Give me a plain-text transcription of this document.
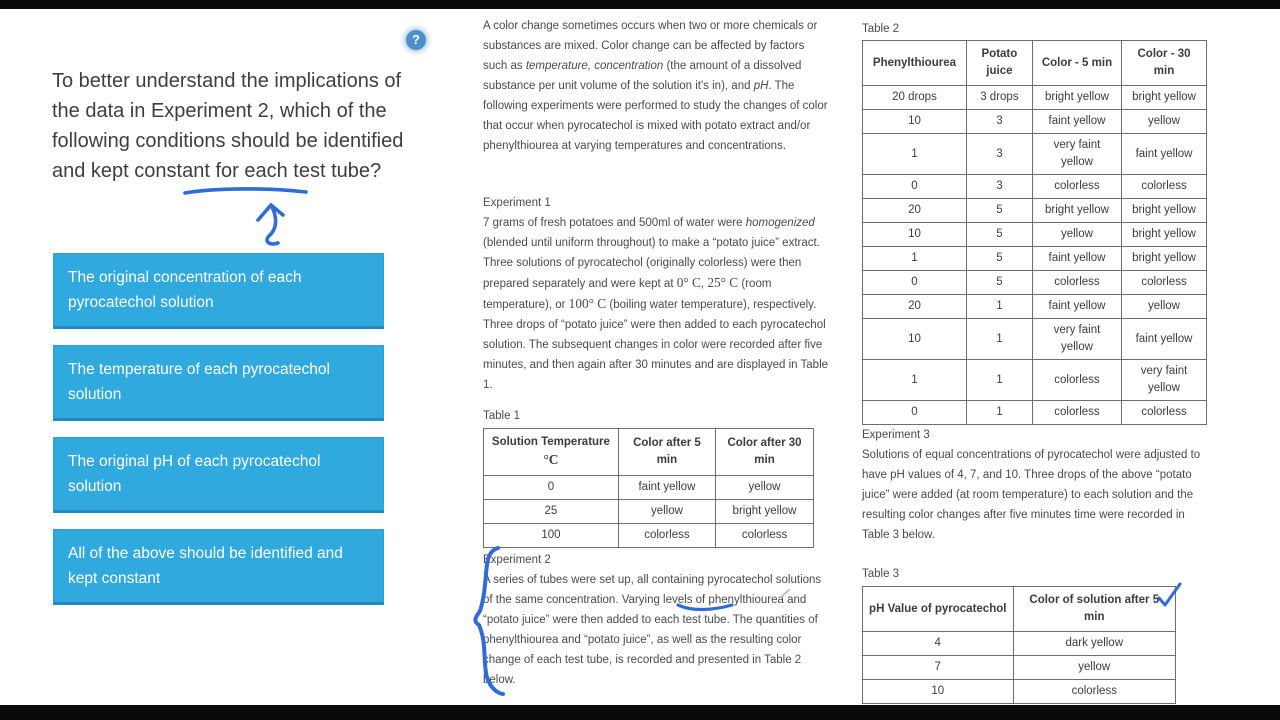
?
To better understand the implications of the data in Experiment 2, which of the following conditions should be identified and kept constant for each test tube?
The original concentration of each pyrocatechol solution
The temperature of each pyrocatechol solution
The original pH of each pyrocatechol solution
All of the above should be identified and kept constant

A color change sometimes occurs when two or more chemicals or substances are mixed. Color change can be affected by factors such as temperature, concentration (the amount of a dissolved substance per unit volume of the solution it's in), and pH. The following experiments were performed to study the changes of color that occur when pyrocatechol is mixed with potato extract and/or phenylthiourea at varying temperatures and concentrations.

Experiment 1

7 grams of fresh potatoes and 500ml of water were homogenized (blended until uniform throughout) to make a “potato juice” extract. Three solutions of pyrocatechol (originally colorless) were then prepared separately and were kept at 0° C, 25° C (room temperature), or 100° C (boiling water temperature), respectively. Three drops of “potato juice” were then added to each pyrocatechol solution. The subsequent changes in color were recorded after five minutes, and then again after 30 minutes and are displayed in Table 1.

Table 1
Solution Temperature
°C	Color after 5 min	Color after 30 min
0	faint yellow	yellow
25	yellow	bright yellow
100	colorless	colorless
Experiment 2

A series of tubes were set up, all containing pyrocatechol solutions of the same concentration. Varying levels of phenylthiourea and “potato juice” were then added to each test tube. The quantities of phenylthiourea and “potato juice”, as well as the resulting color change of each test tube, is recorded and presented in Table 2 below.

Table 2
Phenylthiourea	Potato juice	Color - 5 min	Color - 30 min
20 drops	3 drops	bright yellow	bright yellow
10	3	faint yellow	yellow
1	3	very faint yellow	faint yellow
0	3	colorless	colorless
20	5	bright yellow	bright yellow
10	5	yellow	bright yellow
1	5	faint yellow	bright yellow
0	5	colorless	colorless
20	1	faint yellow	yellow
10	1	very faint yellow	faint yellow
1	1	colorless	very faint yellow
0	1	colorless	colorless
Experiment 3

Solutions of equal concentrations of pyrocatechol were adjusted to have pH values of 4, 7, and 10. Three drops of the above “potato juice” were added (at room temperature) to each solution and the resulting color changes after five minutes time were recorded in Table 3 below.

Table 3
pH Value of pyrocatechol	Color of solution after 5 min
4	dark yellow
7	yellow
10	colorless
